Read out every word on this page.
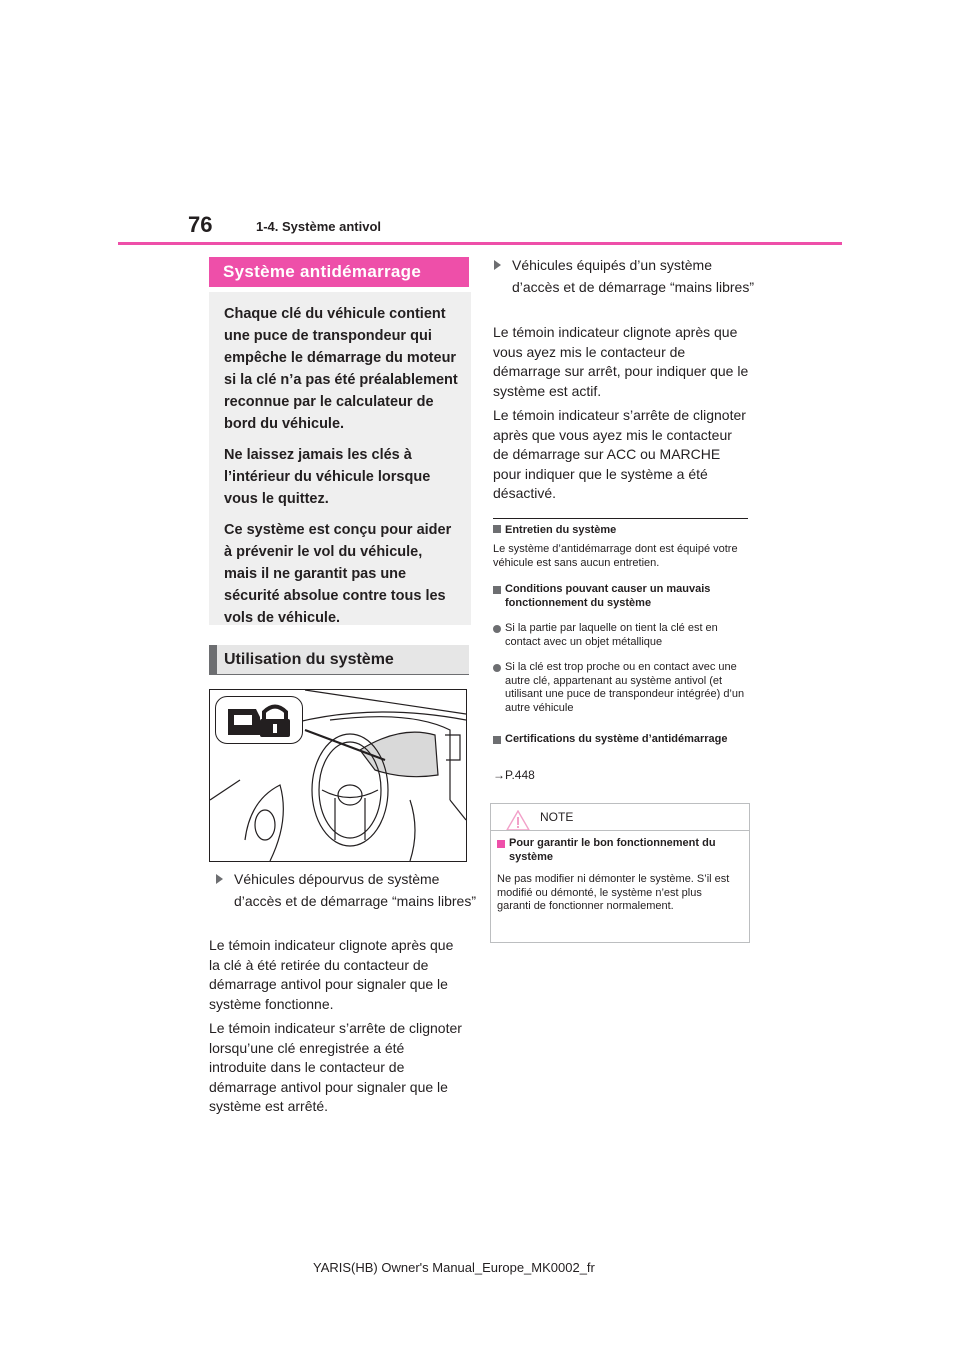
76	1-4. Système antivol
Système antidémarrage

Chaque clé du véhicule contient une puce de transpondeur qui empêche le démarrage du moteur si la clé n’a pas été préalablement reconnue par le calculateur de bord du véhicule.

Ne laissez jamais les clés à l’intérieur du véhicule lorsque vous le quittez.

Ce système est conçu pour aider à prévenir le vol du véhicule, mais il ne garantit pas une sécurité absolue contre tous les vols de véhicule.

Utilisation du système
Véhicules dépourvus de système d’accès et de démarrage “mains libres”

Le témoin indicateur clignote après que la clé à été retirée du contacteur de démarrage antivol pour signaler que le système fonctionne.

Le témoin indicateur s’arrête de clignoter lorsqu’une clé enregistrée a été introduite dans le contacteur de démarrage antivol pour signaler que le système est arrêté.

Véhicules équipés d’un système d’accès et de démarrage “mains libres”

Le témoin indicateur clignote après que vous ayez mis le contacteur de démarrage sur arrêt, pour indiquer que le système est actif.

Le témoin indicateur s’arrête de clignoter après que vous ayez mis le contacteur de démarrage sur ACC ou MARCHE pour indiquer que le système a été désactivé.

Entretien du système
Le système d’antidémarrage dont est équipé votre véhicule est sans aucun entretien.
Conditions pouvant causer un mauvais fonctionnement du système
Si la partie par laquelle on tient la clé est en contact avec un objet métallique
Si la clé est trop proche ou en contact avec une autre clé, appartenant au système antivol (et utilisant une puce de transpondeur intégrée) d’un autre véhicule
Certifications du système d’antidémarrage
→P.448
NOTE
Pour garantir le bon fonctionnement du système
Ne pas modifier ni démonter le système. S’il est modifié ou démonté, le système n’est plus garanti de fonctionner normalement.
YARIS(HB) Owner's Manual_Europe_MK0002_fr
